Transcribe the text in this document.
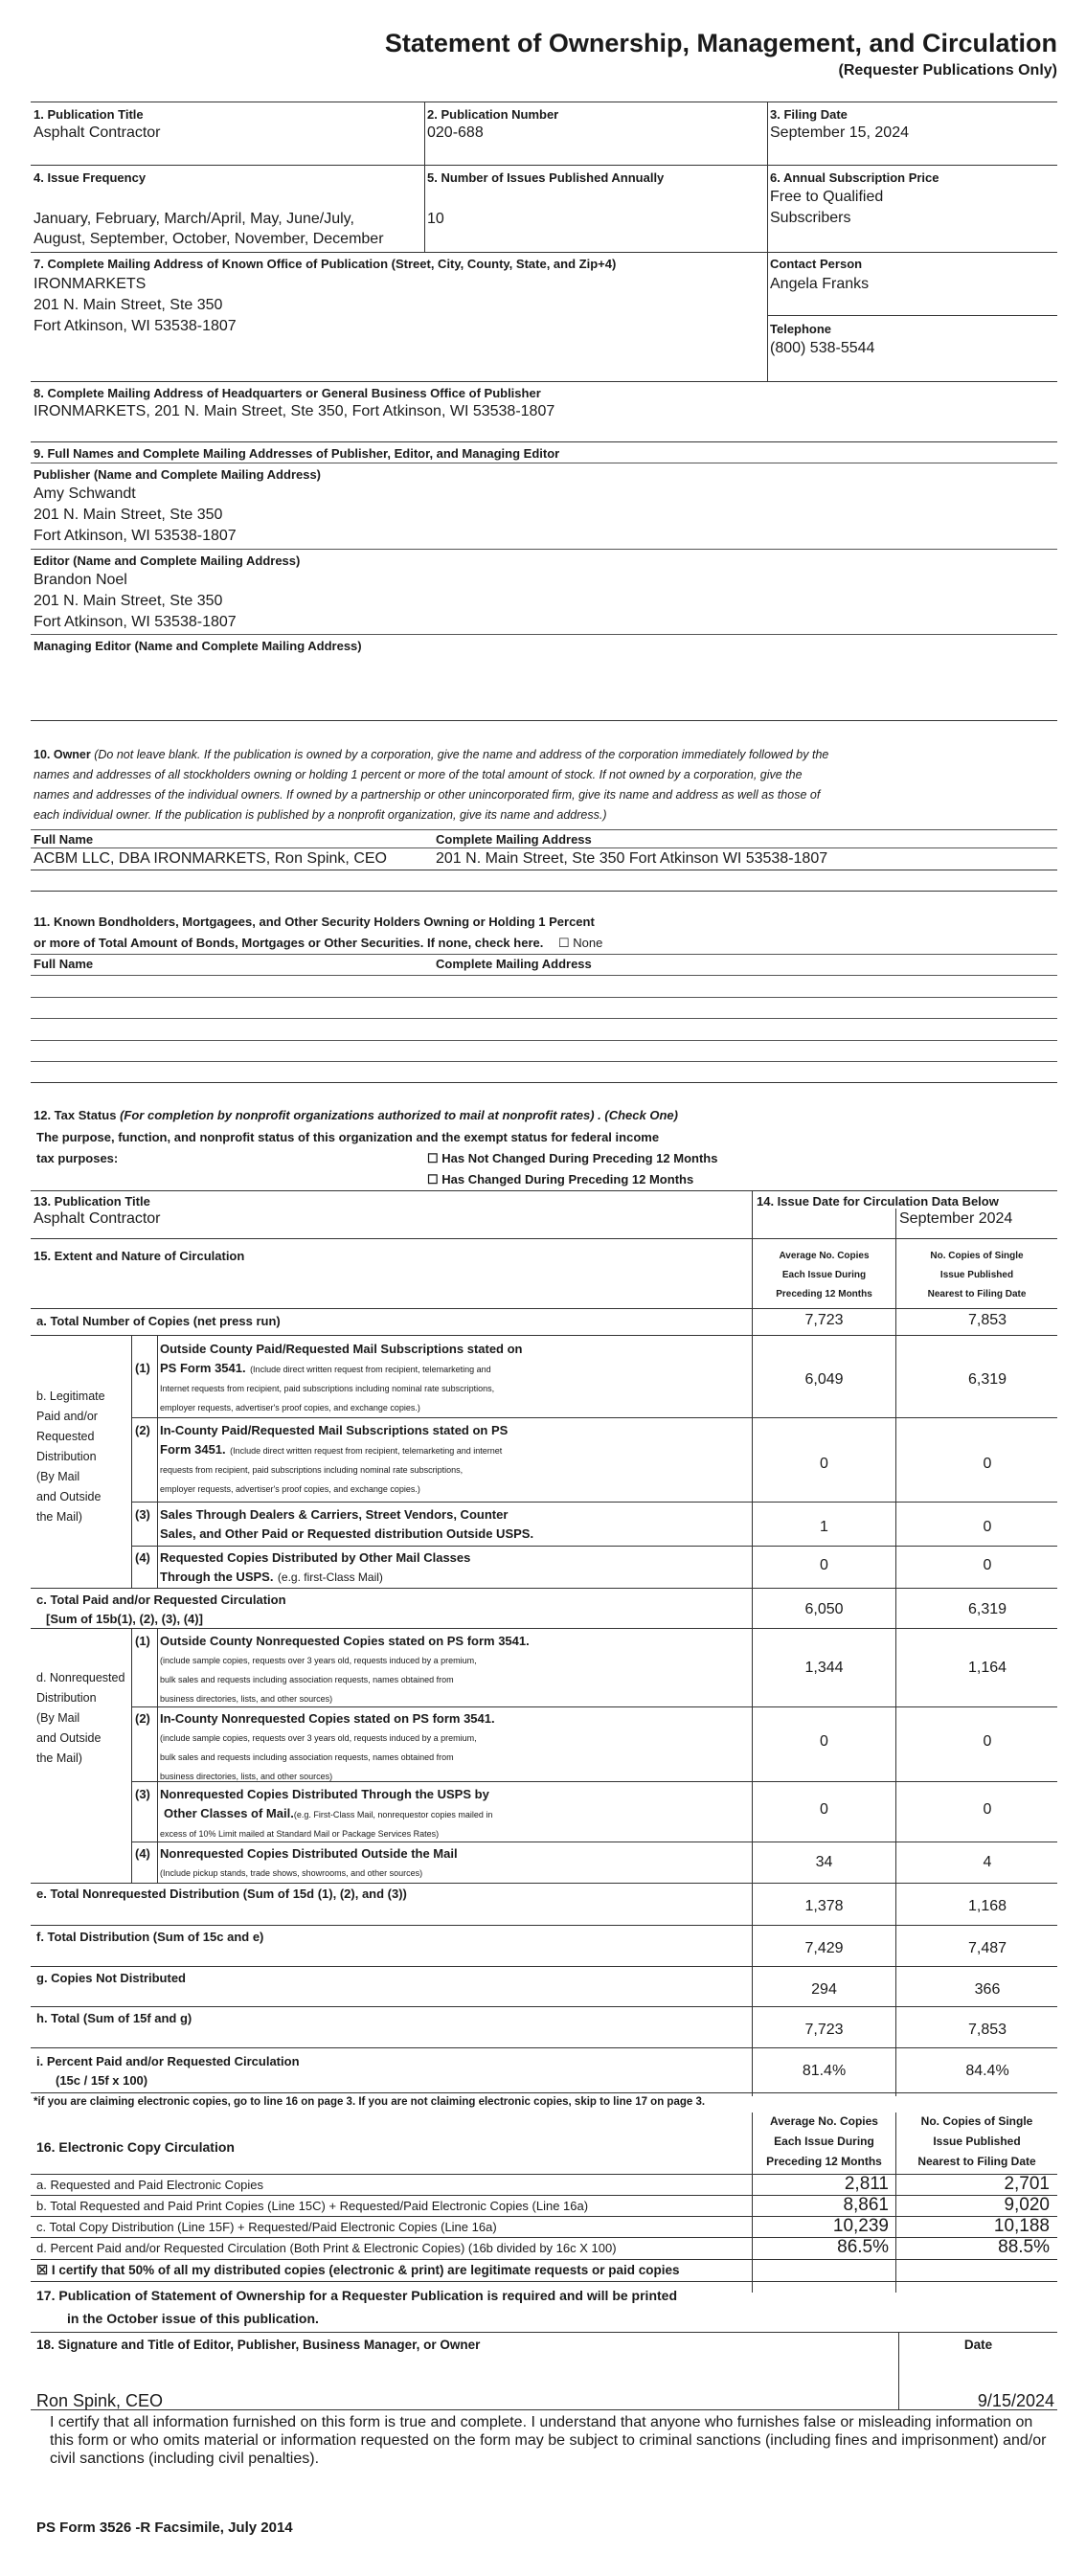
Statement of Ownership, Management, and Circulation
(Requester Publications Only)
1. Publication Title
Asphalt Contractor
2. Publication Number
020-688
3. Filing Date
September 15, 2024
4. Issue Frequency
January, February, March/April, May, June/July,
August, September, October, November, December
5. Number of Issues Published Annually
10
6. Annual Subscription Price
Free to Qualified
Subscribers
7. Complete Mailing Address of Known Office of Publication (Street, City, County, State, and Zip+4)
IRONMARKETS
201 N. Main Street, Ste 350
Fort Atkinson, WI 53538-1807
Contact Person
Angela Franks
Telephone
(800) 538-5544
8. Complete Mailing Address of Headquarters or General Business Office of Publisher
IRONMARKETS, 201 N. Main Street, Ste 350, Fort Atkinson, WI 53538-1807
9. Full Names and Complete Mailing Addresses of Publisher, Editor, and Managing Editor
Publisher (Name and Complete Mailing Address)
Amy Schwandt
201 N. Main Street, Ste 350
Fort Atkinson, WI 53538-1807
Editor (Name and Complete Mailing Address)
Brandon Noel
201 N. Main Street, Ste 350
Fort Atkinson, WI 53538-1807
Managing Editor (Name and Complete Mailing Address)
10. Owner (Do not leave blank. If the publication is owned by a corporation, give the name and address of the corporation immediately followed by the
names and addresses of all stockholders owning or holding 1 percent or more of the total amount of stock. If not owned by a corporation, give the
names and addresses of the individual owners. If owned by a partnership or other unincorporated firm, give its name and address as well as those of
each individual owner. If the publication is published by a nonprofit organization, give its name and address.)
Full Name	Complete Mailing Address
ACBM LLC, DBA IRONMARKETS, Ron Spink, CEO	201 N. Main Street, Ste 350 Fort Atkinson WI 53538-1807
11. Known Bondholders, Mortgagees, and Other Security Holders Owning or Holding 1 Percent
or more of Total Amount of Bonds, Mortgages or Other Securities. If none, check here. ☐ None
Full Name	Complete Mailing Address
12. Tax Status (For completion by nonprofit organizations authorized to mail at nonprofit rates) . (Check One)
The purpose, function, and nonprofit status of this organization and the exempt status for federal income
tax purposes:	☐ Has Not Changed During Preceding 12 Months
☐ Has Changed During Preceding 12 Months
13. Publication Title
Asphalt Contractor
14. Issue Date for Circulation Data Below
September 2024
15. Extent and Nature of Circulation	Average No. Copies
Each Issue During
Preceding 12 Months
No. Copies of Single
Issue Published
Nearest to Filing Date
a. Total Number of Copies (net press run)	7,723	7,853
b. Legitimate
Paid and/or
Requested
Distribution
(By Mail
and Outside
the Mail)
(1)
Outside County Paid/Requested Mail Subscriptions stated on
PS Form 3541. (Include direct written request from recipient, telemarketing and
Internet requests from recipient, paid subscriptions including nominal rate subscriptions,
employer requests, advertiser's proof copies, and exchange copies.)
6,049	6,319
(2) In-County Paid/Requested Mail Subscriptions stated on PS
Form 3451. (Include direct written request from recipient, telemarketing and internet
requests from recipient, paid subscriptions including nominal rate subscriptions,
employer requests, advertiser's proof copies, and exchange copies.)
0	0
(3) Sales Through Dealers & Carriers, Street Vendors, Counter
Sales, and Other Paid or Requested distribution Outside USPS.	1	0
(4) Requested Copies Distributed by Other Mail Classes
Through the USPS. (e.g. first-Class Mail)
0	0
c. Total Paid and/or Requested Circulation
[Sum of 15b(1), (2), (3), (4)]
6,050	6,319
d. Nonrequested
Distribution
(By Mail
and Outside
the Mail)
(1) Outside County Nonrequested Copies stated on PS form 3541.
(include sample copies, requests over 3 years old, requests induced by a premium,
bulk sales and requests including association requests, names obtained from
business directories, lists, and other sources)
1,344	1,164
(2) In-County Nonrequested Copies stated on PS form 3541.
(include sample copies, requests over 3 years old, requests induced by a premium,
bulk sales and requests including association requests, names obtained from
business directories, lists, and other sources)
0	0
(3) Nonrequested Copies Distributed Through the USPS by
Other Classes of Mail.(e.g. First-Class Mail, nonrequestor copies mailed in
excess of 10% Limit mailed at Standard Mail or Package Services Rates)
0	0
(4) Nonrequested Copies Distributed Outside the Mail
(Include pickup stands, trade shows, showrooms, and other sources)
34	4
e. Total Nonrequested Distribution (Sum of 15d (1), (2), and (3))
1,378	1,168
f. Total Distribution (Sum of 15c and e)
7,429	7,487
g. Copies Not Distributed
294	366
h. Total (Sum of 15f and g)
7,723	7,853
i. Percent Paid and/or Requested Circulation
(15c / 15f x 100)
81.4%	84.4%
*if you are claiming electronic copies, go to line 16 on page 3. If you are not claiming electronic copies, skip to line 17 on page 3.
Average No. Copies
Each Issue During
Preceding 12 Months
No. Copies of Single
Issue Published
Nearest to Filing Date
16. Electronic Copy Circulation
a. Requested and Paid Electronic Copies	2,811	2,701
b. Total Requested and Paid Print Copies (Line 15C) + Requested/Paid Electronic Copies (Line 16a)	8,861	9,020
c. Total Copy Distribution (Line 15F) + Requested/Paid Electronic Copies (Line 16a)	10,239	10,188
d. Percent Paid and/or Requested Circulation (Both Print & Electronic Copies) (16b divided by 16c X 100)	86.5%	88.5%
☒ I certify that 50% of all my distributed copies (electronic & print) are legitimate requests or paid copies
17. Publication of Statement of Ownership for a Requester Publication is required and will be printed
in the October issue of this publication.
18. Signature and Title of Editor, Publisher, Business Manager, or Owner	Date
Ron Spink, CEO	9/15/2024
I certify that all information furnished on this form is true and complete. I understand that anyone who furnishes false or misleading information on this form or who omits material or information requested on the form may be subject to criminal sanctions (including fines and imprisonment) and/or civil sanctions (including civil penalties).
PS Form 3526 -R Facsimile, July 2014
